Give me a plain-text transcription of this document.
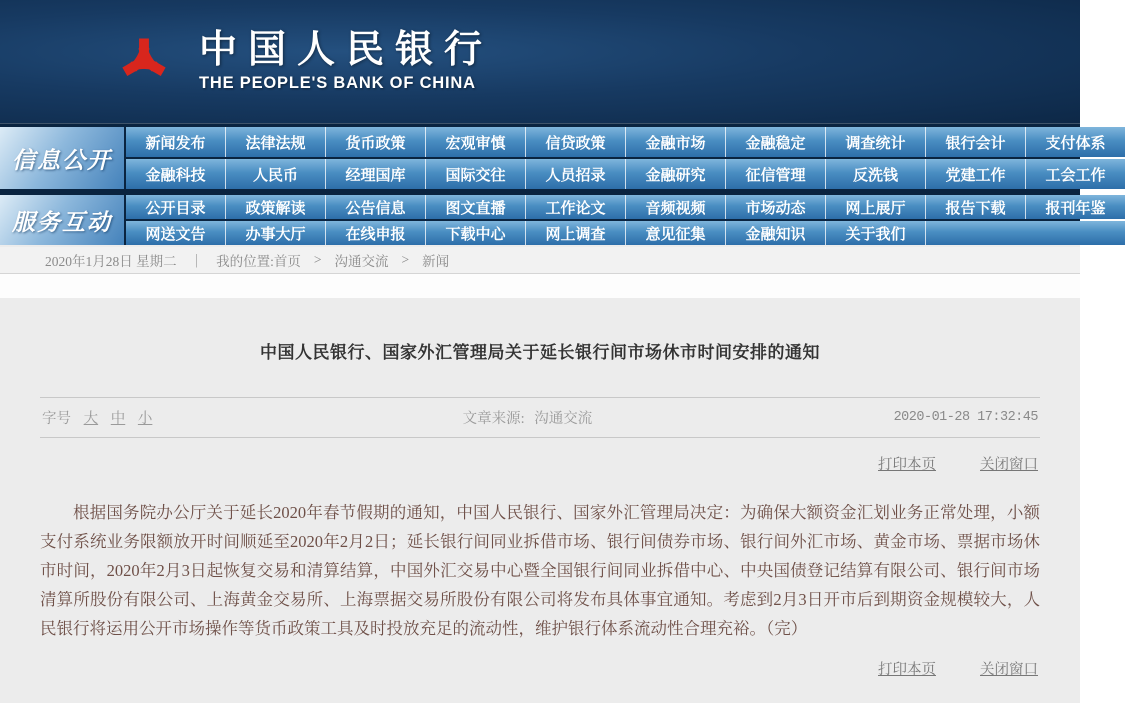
中国人民银行
THE PEOPLE'S BANK OF CHINA
信息公开
新闻发布	法律法规	货币政策	宏观审慎	信贷政策	金融市场	金融稳定	调查统计	银行会计	支付体系
金融科技	人民币	经理国库	国际交往	人员招录	金融研究	征信管理	反洗钱	党建工作	工会工作
服务互动
公开目录	政策解读	公告信息	图文直播	工作论文	音频视频	市场动态	网上展厅	报告下载	报刊年鉴
网送文告	办事大厅	在线申报	下载中心	网上调查	意见征集	金融知识	关于我们
2020年1月28日 星期二 ｜ 我的位置: 首页 > 沟通交流 > 新闻
中国人民银行、国家外汇管理局关于延长银行间市场休市时间安排的通知
字号 大 中 小	文章来源: 沟通交流	2020-01-28 17:32:45
打印本页	关闭窗口

根据国务院办公厅关于延长2020年春节假期的通知，中国人民银行、国家外汇管理局决定：为确保大额资金汇划业务正常处理，小额支付系统业务限额放开时间顺延至2020年2月2日；延长银行间同业拆借市场、银行间债券市场、银行间外汇市场、黄金市场、票据市场休市时间，2020年2月3日起恢复交易和清算结算，中国外汇交易中心暨全国银行间同业拆借中心、中央国债登记结算有限公司、银行间市场清算所股份有限公司、上海黄金交易所、上海票据交易所股份有限公司将发布具体事宜通知。考虑到2月3日开市后到期资金规模较大，人民银行将运用公开市场操作等货币政策工具及时投放充足的流动性，维护银行体系流动性合理充裕。（完）

打印本页	关闭窗口
